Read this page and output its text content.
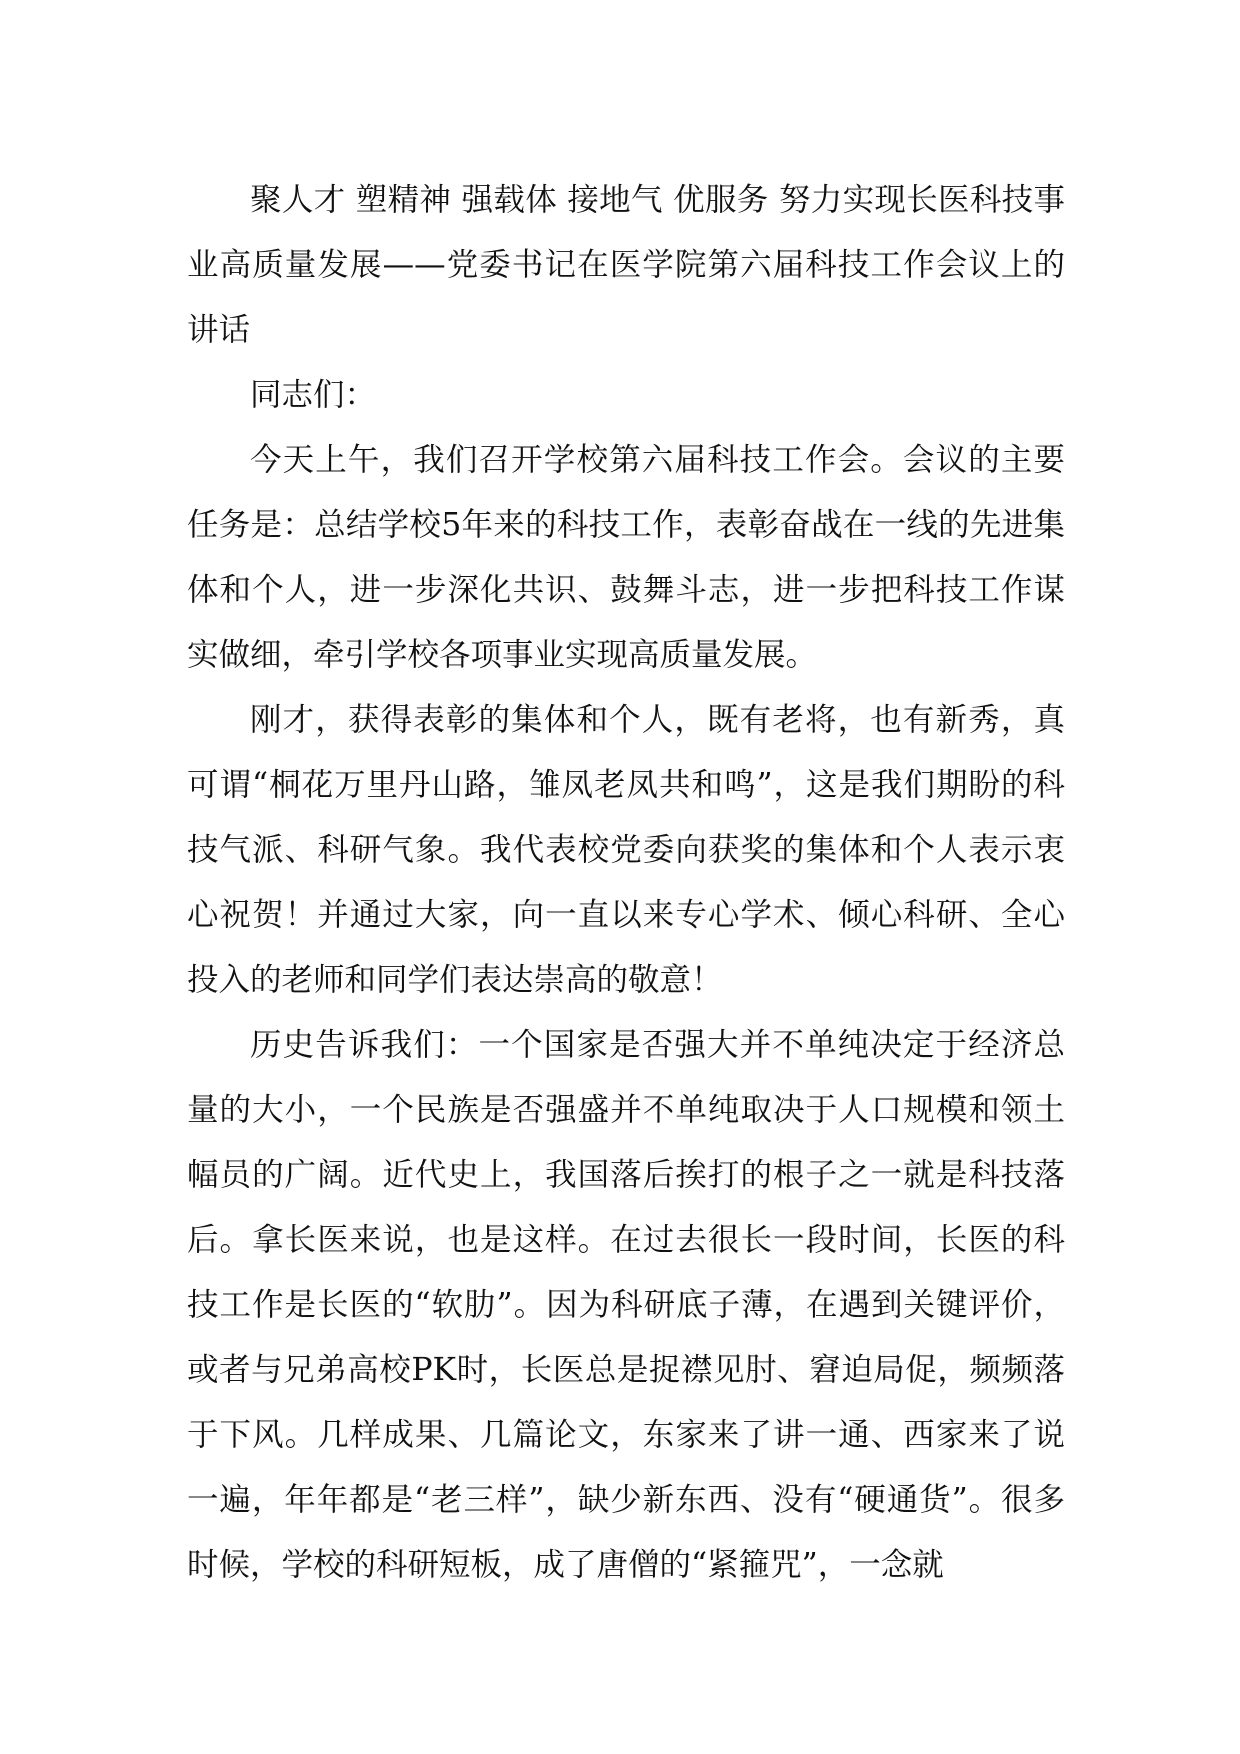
聚人才 塑精神 强载体 接地气 优服务 努力实现长医科技事业高质量发展——党委书记在医学院第六届科技工作会议上的讲话

同志们：

今天上午，我们召开学校第六届科技工作会。会议的主要任务是：总结学校5年来的科技工作，表彰奋战在一线的先进集体和个人，进一步深化共识、鼓舞斗志，进一步把科技工作谋实做细，牵引学校各项事业实现高质量发展。

刚才，获得表彰的集体和个人，既有老将，也有新秀，真可谓“桐花万里丹山路，雏凤老凤共和鸣”，这是我们期盼的科技气派、科研气象。我代表校党委向获奖的集体和个人表示衷心祝贺！并通过大家，向一直以来专心学术、倾心科研、全心投入的老师和同学们表达崇高的敬意！

历史告诉我们：一个国家是否强大并不单纯决定于经济总量的大小，一个民族是否强盛并不单纯取决于人口规模和领土幅员的广阔。近代史上，我国落后挨打的根子之一就是科技落后。拿长医来说，也是这样。在过去很长一段时间，长医的科技工作是长医的“软肋”。因为科研底子薄，在遇到关键评价，或者与兄弟高校PK时，长医总是捉襟见肘、窘迫局促，频频落于下风。几样成果、几篇论文，东家来了讲一通、西家来了说一遍，年年都是“老三样”，缺少新东西、没有“硬通货”。很多时候，学校的科研短板，成了唐僧的“紧箍咒”，一念就
